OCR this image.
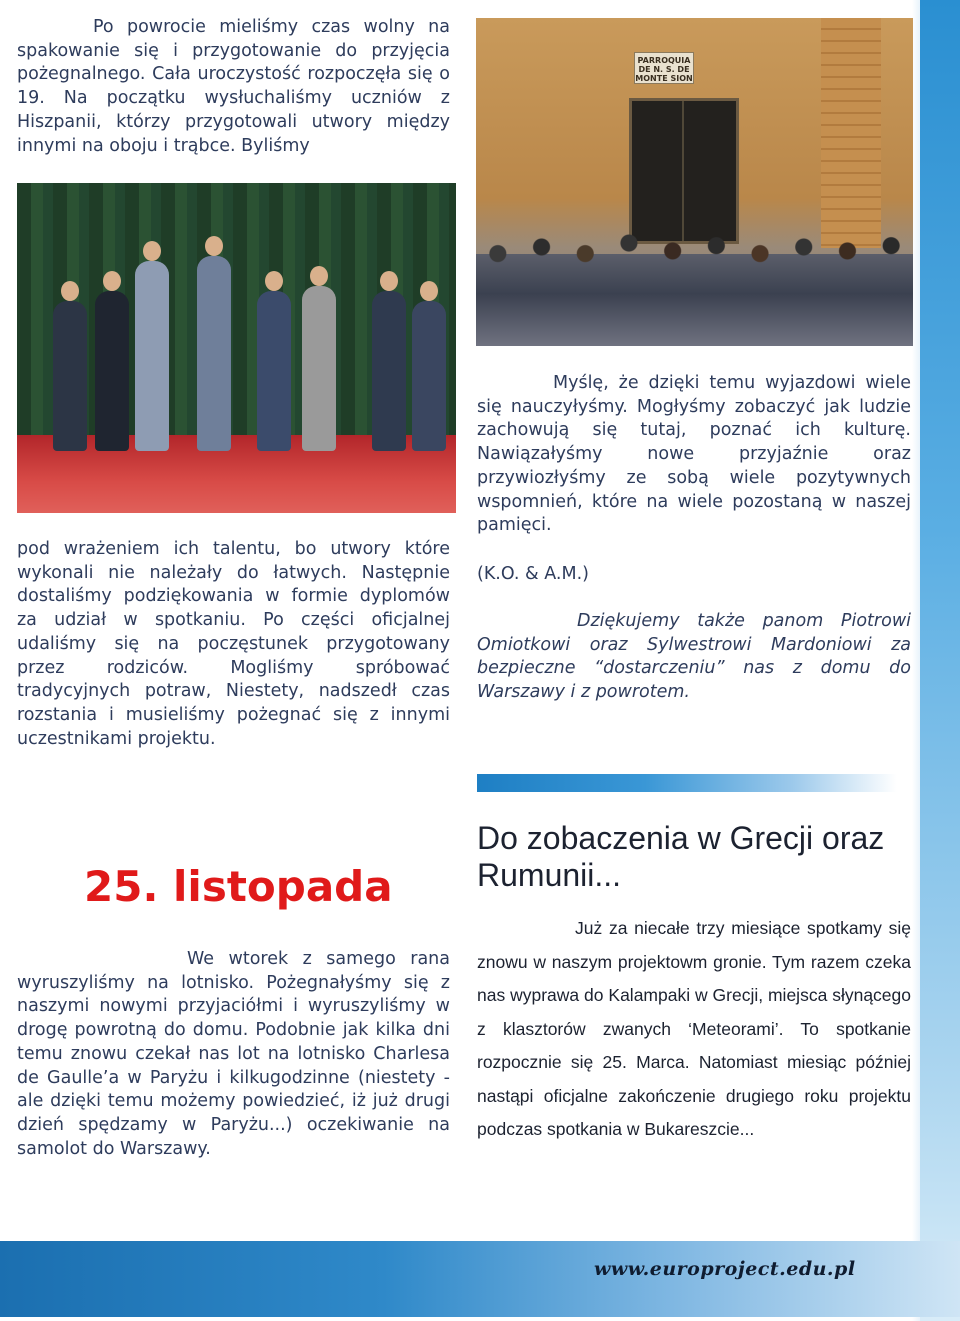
Po powrocie mieliśmy czas wolny na spakowanie się i przygotowanie do przyjęcia pożegnalnego. Cała uroczystość rozpoczęła się o 19. Na początku wysłuchaliśmy uczniów z Hiszpanii, którzy przygotowali utwory między innymi na oboju i trąbce. Byliśmy

PARROQUIA DE N. S. DE MONTE SION

pod wrażeniem ich talentu, bo utwory które wykonali nie należały do łatwych. Następnie dostaliśmy podziękowania w formie dyplomów za udział w spotkaniu. Po części oficjalnej udaliśmy się na poczęstunek przygotowany przez rodziców. Mogliśmy spróbować tradycyjnych potraw, Niestety, nadszedł czas rozstania i musieliśmy pożegnać się z innymi uczestnikami projektu.

Myślę, że dzięki temu wyjazdowi wiele się nauczyłyśmy. Mogłyśmy zobaczyć jak ludzie zachowują się tutaj, poznać ich kulturę. Nawiązałyśmy nowe przyjaźnie oraz przywiozłyśmy ze sobą wiele pozytywnych wspomnień, które na wiele pozostaną w naszej pamięci.

(K.O. & A.M.)

Dziękujemy także panom Piotrowi Omiotkowi oraz Sylwestrowi Mardoniowi za bezpieczne “dostarczeniu” nas z domu do Warszawy i z powrotem.

Do zobaczenia w Grecji oraz Rumunii...
25. listopada

We wtorek z samego rana wyruszyliśmy na lotnisko. Pożegnałyśmy się z naszymi nowymi przyjaciółmi i wyruszyliśmy w drogę powrotną do domu. Podobnie jak kilka dni temu znowu czekał nas lot na lotnisko Charlesa de Gaulle’a w Paryżu i kilkugodzinne (niestety - ale dzięki temu możemy powiedzieć, iż już drugi dzień spędzamy w Paryżu...) oczekiwanie na samolot do Warszawy.

Już za niecałe trzy miesiące spotkamy się znowu w naszym projektowm gronie. Tym razem czeka nas wyprawa do Kalampaki w Grecji, miejsca słynącego z klasztorów zwanych ‘Meteorami’. To spotkanie rozpocznie się 25. Marca. Natomiast miesiąc później nastąpi oficjalne zakończenie drugiego roku projektu podczas spotkania w Bukareszcie...

www.europroject.edu.pl
